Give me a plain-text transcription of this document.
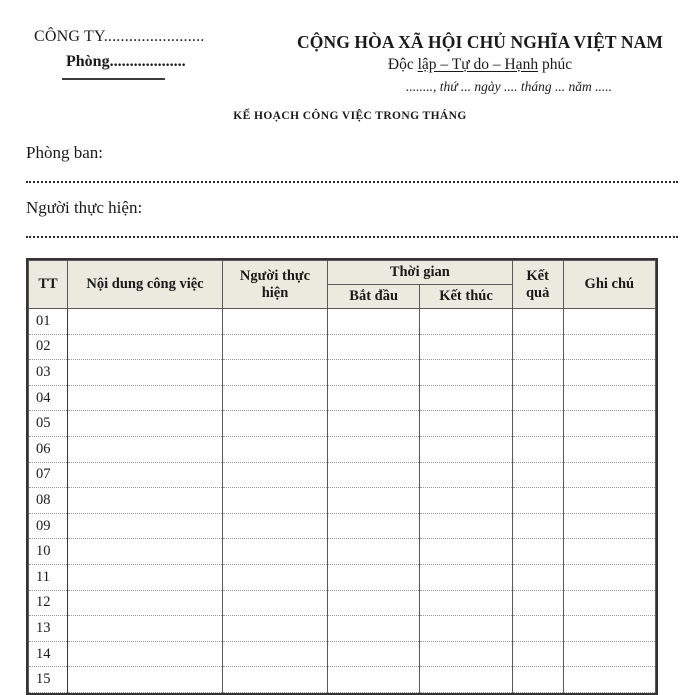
CÔNG TY........................
Phòng...................
CỘNG HÒA XÃ HỘI CHỦ NGHĨA VIỆT NAM
Độc lập – Tự do – Hạnh phúc
........, thứ ... ngày .... tháng ... năm .....
KẾ HOẠCH CÔNG VIỆC TRONG THÁNG
Phòng ban:
Người thực hiện:
TT	Nội dung công việc	Người thực hiện	Thời gian		Kết quả	Ghi chú
			Bắt đầu	Kết thúc		
01						
02						
03						
04						
05						
06						
07						
08						
09						
10						
11						
12						
13						
14						
15						
